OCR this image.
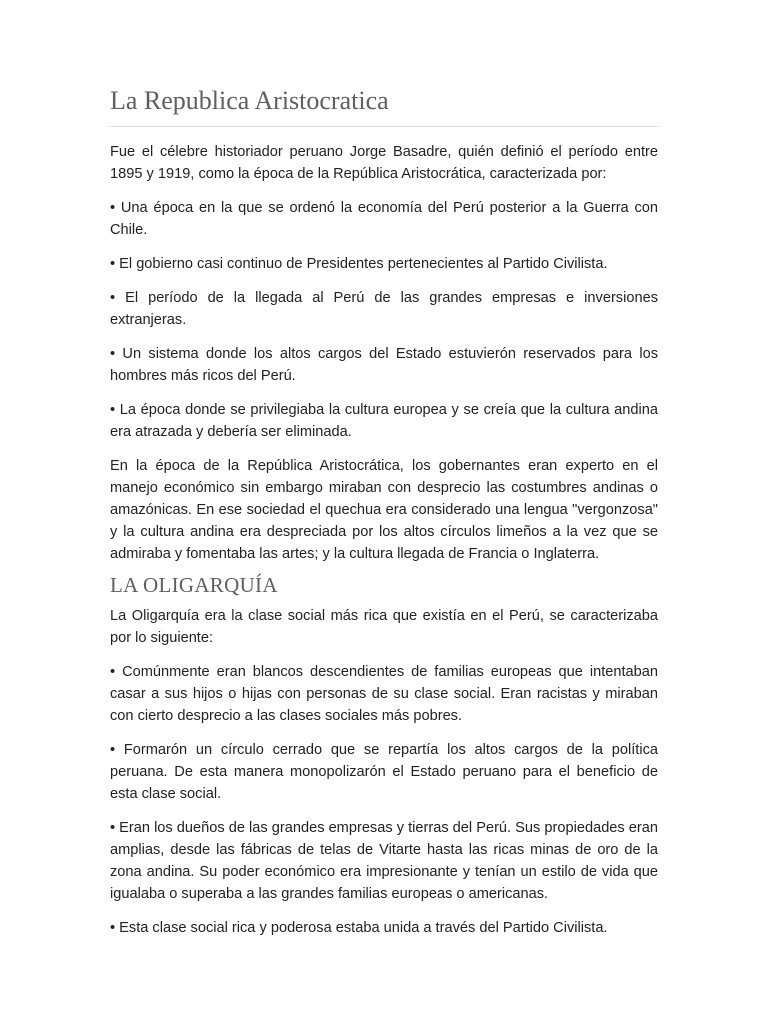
La Republica Aristocratica

Fue el célebre historiador peruano Jorge Basadre, quién definió el período entre 1895 y 1919, como la época de la República Aristocrática, caracterizada por:

• Una época en la que se ordenó la economía del Perú posterior a la Guerra con Chile.

• El gobierno casi continuo de Presidentes pertenecientes al Partido Civilista.

• El período de la llegada al Perú de las grandes empresas e inversiones extranjeras.

• Un sistema donde los altos cargos del Estado estuvierón reservados para los hombres más ricos del Perú.

• La época donde se privilegiaba la cultura europea y se creía que la cultura andina era atrazada y debería ser eliminada.

En la época de la República Aristocrática, los gobernantes eran experto en el manejo económico sin embargo miraban con desprecio las costumbres andinas o amazónicas. En ese sociedad el quechua era considerado una lengua "vergonzosa" y la cultura andina era despreciada por los altos círculos limeños a la vez que se admiraba y fomentaba las artes; y la cultura llegada de Francia o Inglaterra.

LA OLIGARQUÍA

La Oligarquía era la clase social más rica que existía en el Perú, se caracterizaba por lo siguiente:

• Comúnmente eran blancos descendientes de familias europeas que intentaban casar a sus hijos o hijas con personas de su clase social. Eran racistas y miraban con cierto desprecio a las clases sociales más pobres.

• Formarón un círculo cerrado que se repartía los altos cargos de la política peruana. De esta manera monopolizarón el Estado peruano para el beneficio de esta clase social.

• Eran los dueños de las grandes empresas y tierras del Perú. Sus propiedades eran amplias, desde las fábricas de telas de Vitarte hasta las ricas minas de oro de la zona andina. Su poder económico era impresionante y tenían un estilo de vida que igualaba o superaba a las grandes familias europeas o americanas.

• Esta clase social rica y poderosa estaba unida a través del Partido Civilista.
